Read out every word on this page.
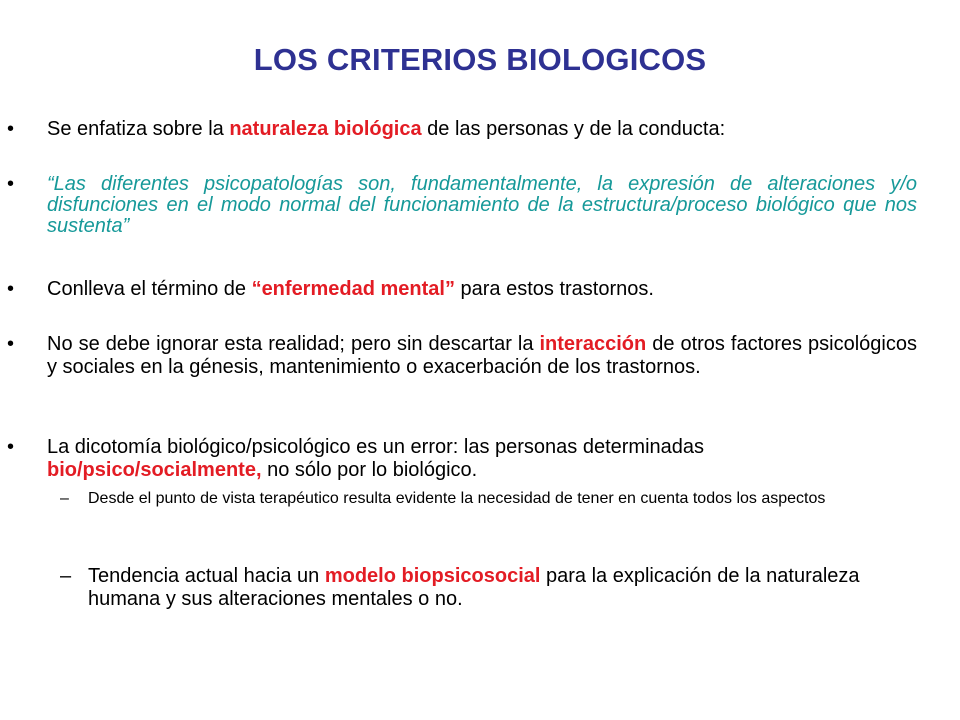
LOS CRITERIOS BIOLOGICOS
•	Se enfatiza sobre la naturaleza biológica de las personas y de la conducta:
•	“Las diferentes psicopatologías son, fundamentalmente, la expresión de alteraciones y/o disfunciones en el modo normal del funcionamiento de la estructura/proceso biológico que nos sustenta”
•	Conlleva el término de “enfermedad mental” para estos trastornos.
•	No se debe ignorar esta realidad; pero sin descartar la interacción de otros factores psicológicos y sociales en la génesis, mantenimiento o exacerbación de los trastornos.
•	La dicotomía biológico/psicológico es un error: las personas determinadas bio/psico/socialmente, no sólo por lo biológico.
– Desde el punto de vista terapéutico resulta evidente la necesidad de tener en cuenta todos los aspectos
– Tendencia actual hacia un modelo biopsicosocial para la explicación de la naturaleza humana y sus alteraciones mentales o no.
